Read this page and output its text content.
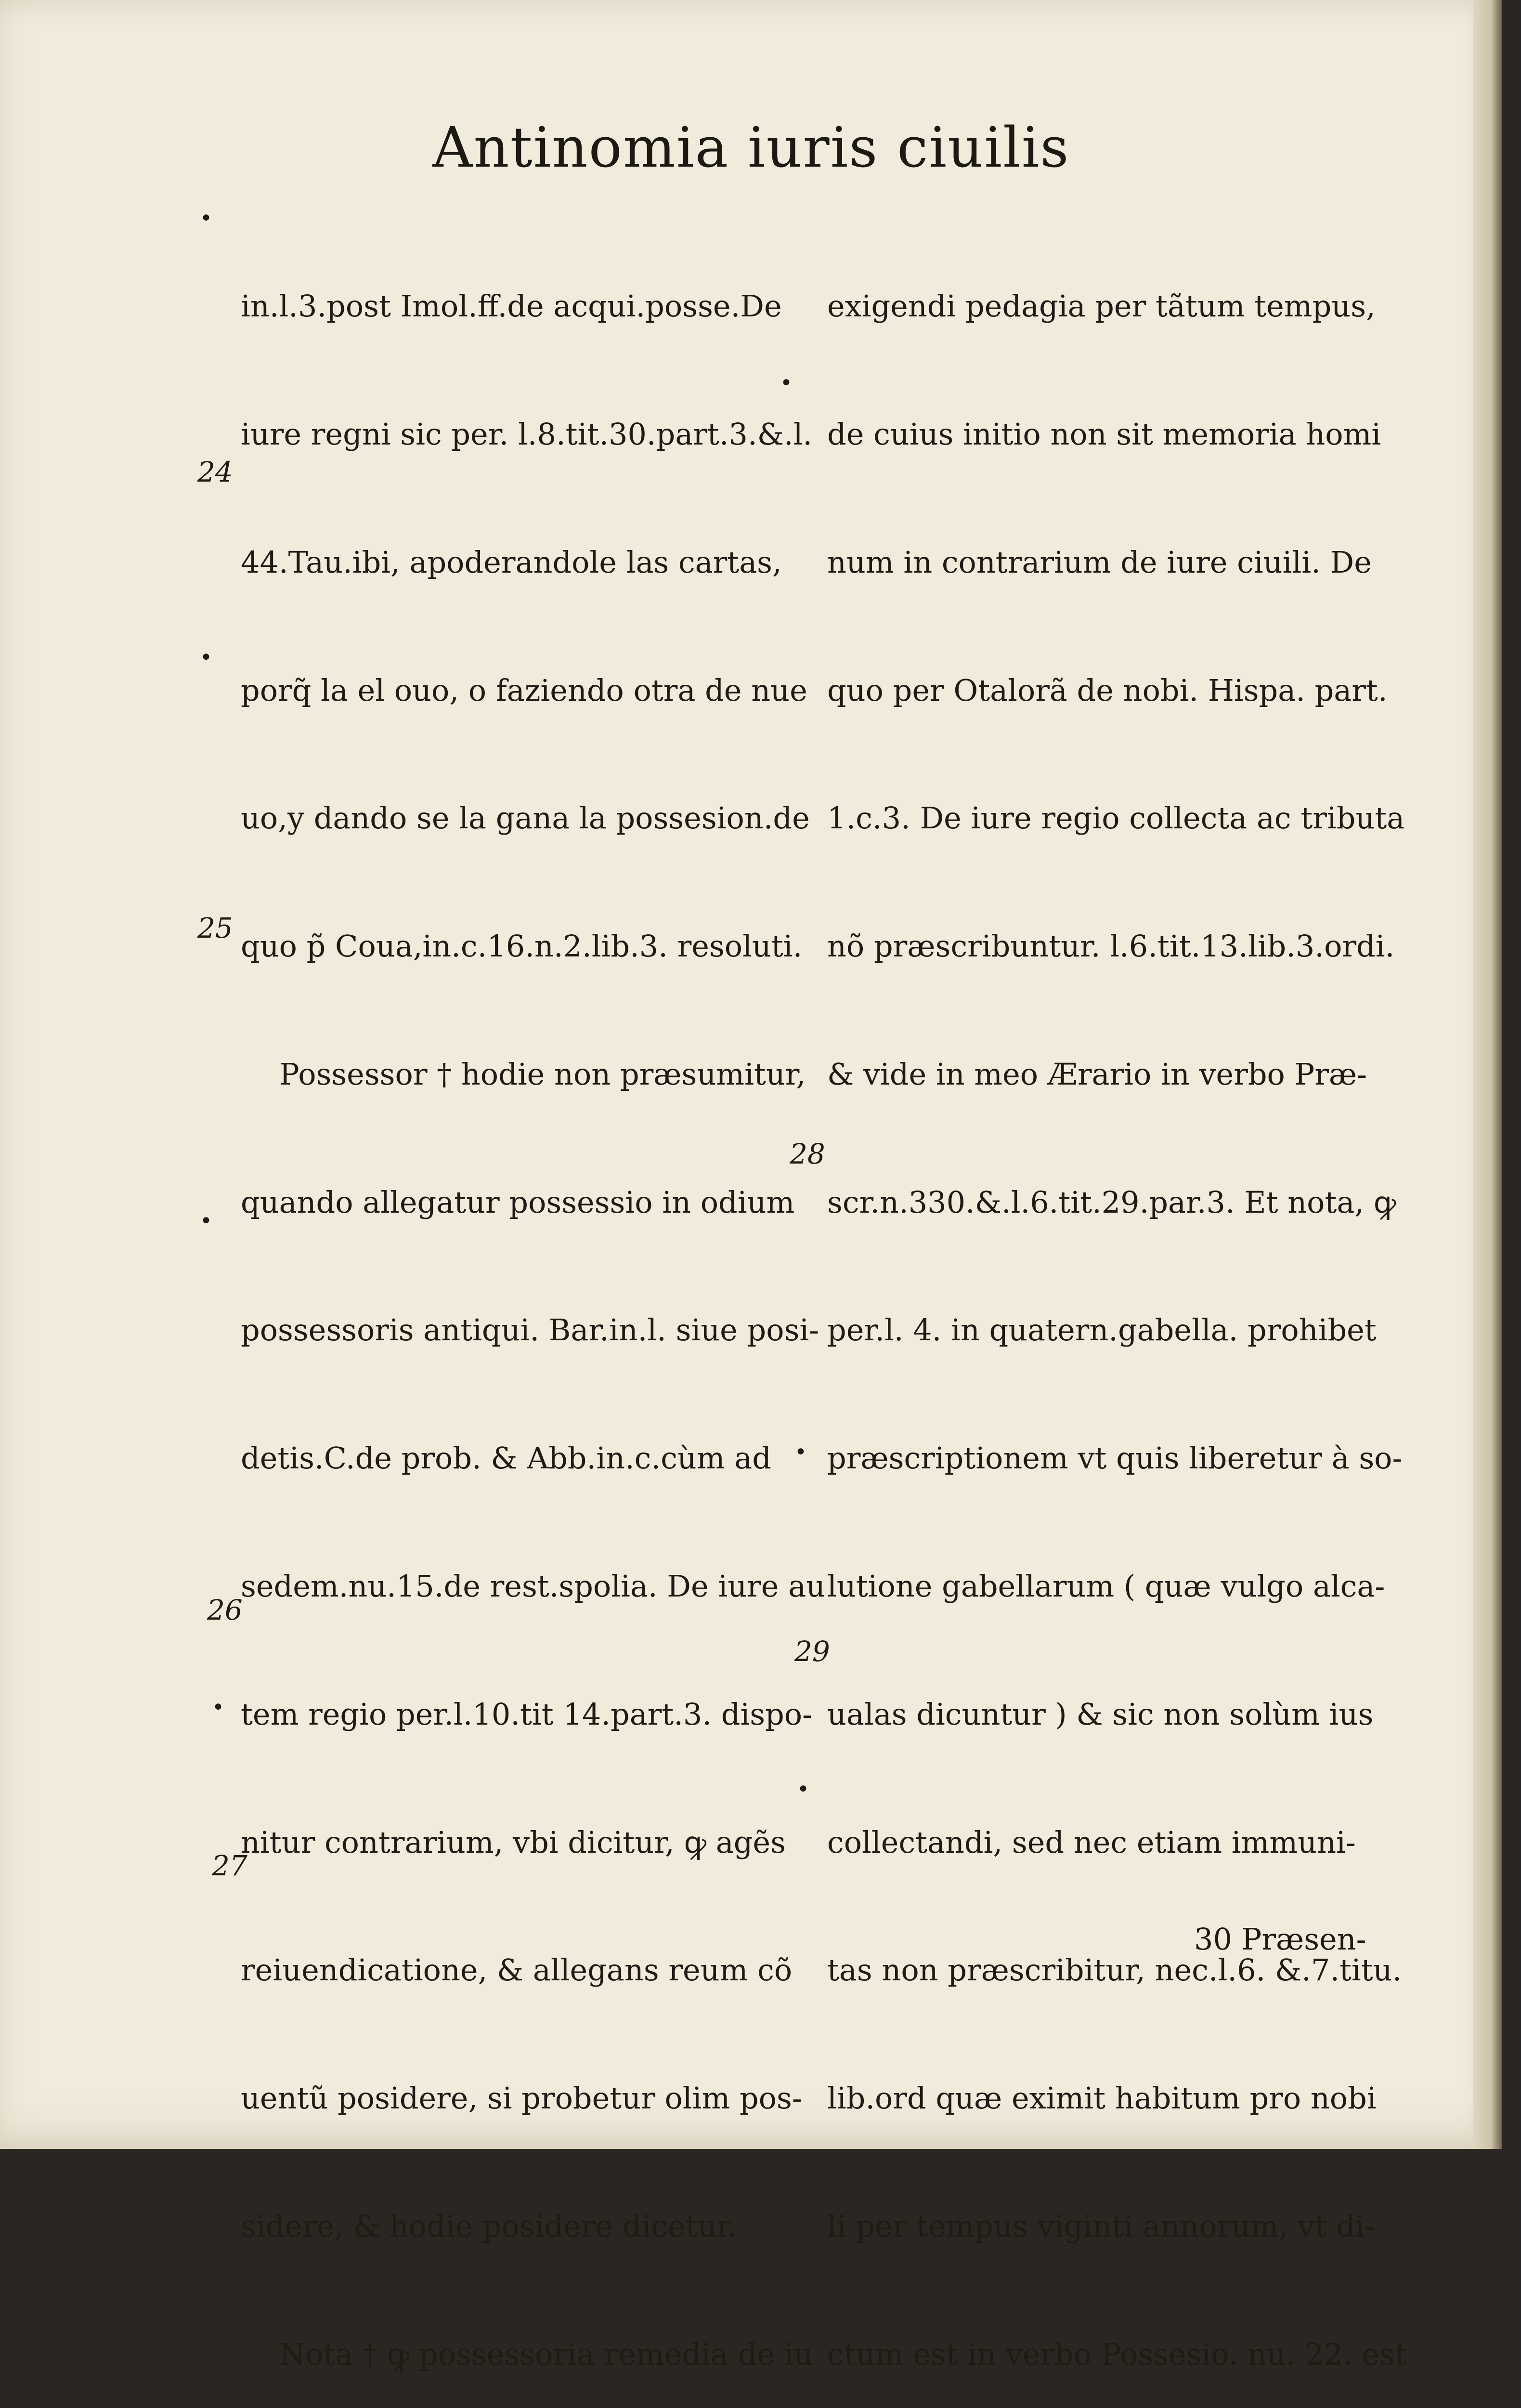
Antinomia iuris ciuilis

in.l.3.post Imol.ff.de acqui.posse.De

iure regni sic per. l.8.tit.30.part.3.&.l.

44.Tau.ibi, apoderandole las cartas,

porq̃ la el ouo, o faziendo otra de nue

uo,y dando se la gana la possesion.de

quo p̃ Coua,in.c.16.n.2.lib.3. resoluti.

Possessor † hodie non præsumitur,

quando allegatur possessio in odium

possessoris antiqui. Bar.in.l. siue posi-

detis.C.de prob. & Abb.in.c.cùm ad

sedem.nu.15.de rest.spolia. De iure au

tem regio per.l.10.tit 14.part.3. dispo-

nitur contrarium, vbi dicitur, ꝙ agẽs

reiuendicatione, & allegans reum cõ

uentũ posidere, si probetur olim pos-

sidere, & hodie posidere dicetur.

Nota † ꝙ possessoria remedia de iu

exigendi pedagia per tãtum tempus,

de cuius initio non sit memoria homi

num in contrarium de iure ciuili. De

quo per Otalorã de nobi. Hispa. part.

1.c.3. De iure regio collecta ac tributa

nõ præscribuntur. l.6.tit.13.lib.3.ordi.

& vide in meo Ærario in verbo Præ-

scr.n.330.&.l.6.tit.29.par.3. Et nota, ꝙ

per.l. 4. in quatern.gabella. prohibet

præscriptionem vt quis liberetur à so-

lutione gabellarum ( quæ vulgo alca-

ualas dicuntur ) & sic non solùm ius

collectandi, sed nec etiam immuni-

tas non præscribitur, nec.l.6. &.7.titu.

lib.ord quæ eximit habitum pro nobi

li per tempus viginti annorum, vt di-

ctum est in verbo Possesio. nu. 22. est

24
25
26
27
28
29
•
•
•
•
•
•
•
30 Præsen-
